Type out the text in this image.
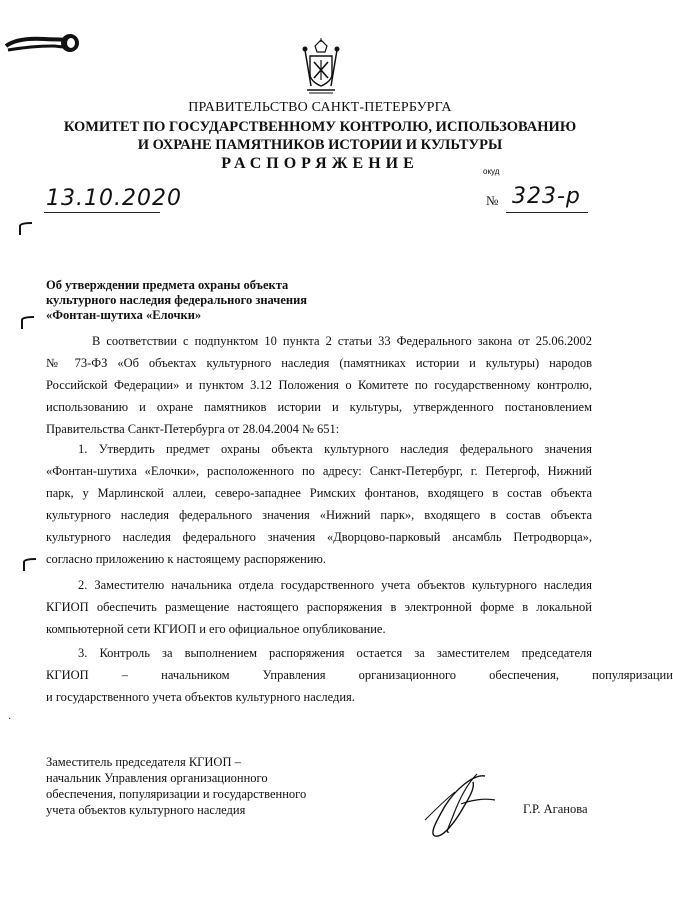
ПРАВИТЕЛЬСТВО САНКТ-ПЕТЕРБУРГА
КОМИТЕТ ПО ГОСУДАРСТВЕННОМУ КОНТРОЛЮ, ИСПОЛЬЗОВАНИЮ
И ОХРАНЕ ПАМЯТНИКОВ ИСТОРИИ И КУЛЬТУРЫ
РАСПОРЯЖЕНИЕ	окуд
13.10.2020	№ 323-р
Об утверждении предмета охраны объекта
культурного наследия федерального значения
«Фонтан-шутиха «Елочки»
В соответствии с подпунктом 10 пункта 2 статьи 33 Федерального закона от 25.06.2002
№ 73-ФЗ «Об объектах культурного наследия (памятниках истории и культуры) народов
Российской Федерации» и пунктом 3.12 Положения о Комитете по государственному контролю,
использованию и охране памятников истории и культуры, утвержденного постановлением
Правительства Санкт-Петербурга от 28.04.2004 № 651:
1. Утвердить предмет охраны объекта культурного наследия федерального значения
«Фонтан-шутиха «Елочки», расположенного по адресу: Санкт-Петербург, г. Петергоф, Нижний
парк, у Марлинской аллеи, северо-западнее Римских фонтанов, входящего в состав объекта
культурного наследия федерального значения «Нижний парк», входящего в состав объекта
культурного наследия федерального значения «Дворцово-парковый ансамбль Петродворца»,
согласно приложению к настоящему распоряжению.
2. Заместителю начальника отдела государственного учета объектов культурного наследия
КГИОП обеспечить размещение настоящего распоряжения в электронной форме в локальной
компьютерной сети КГИОП и его официальное опубликование.
3. Контроль за выполнением распоряжения остается за заместителем председателя
КГИОП – начальником Управления организационного обеспечения, популяризации
и государственного учета объектов культурного наследия.
·
Заместитель председателя КГИОП –
начальник Управления организационного
обеспечения, популяризации и государственного
учета объектов культурного наследия	Г.Р. Аганова
